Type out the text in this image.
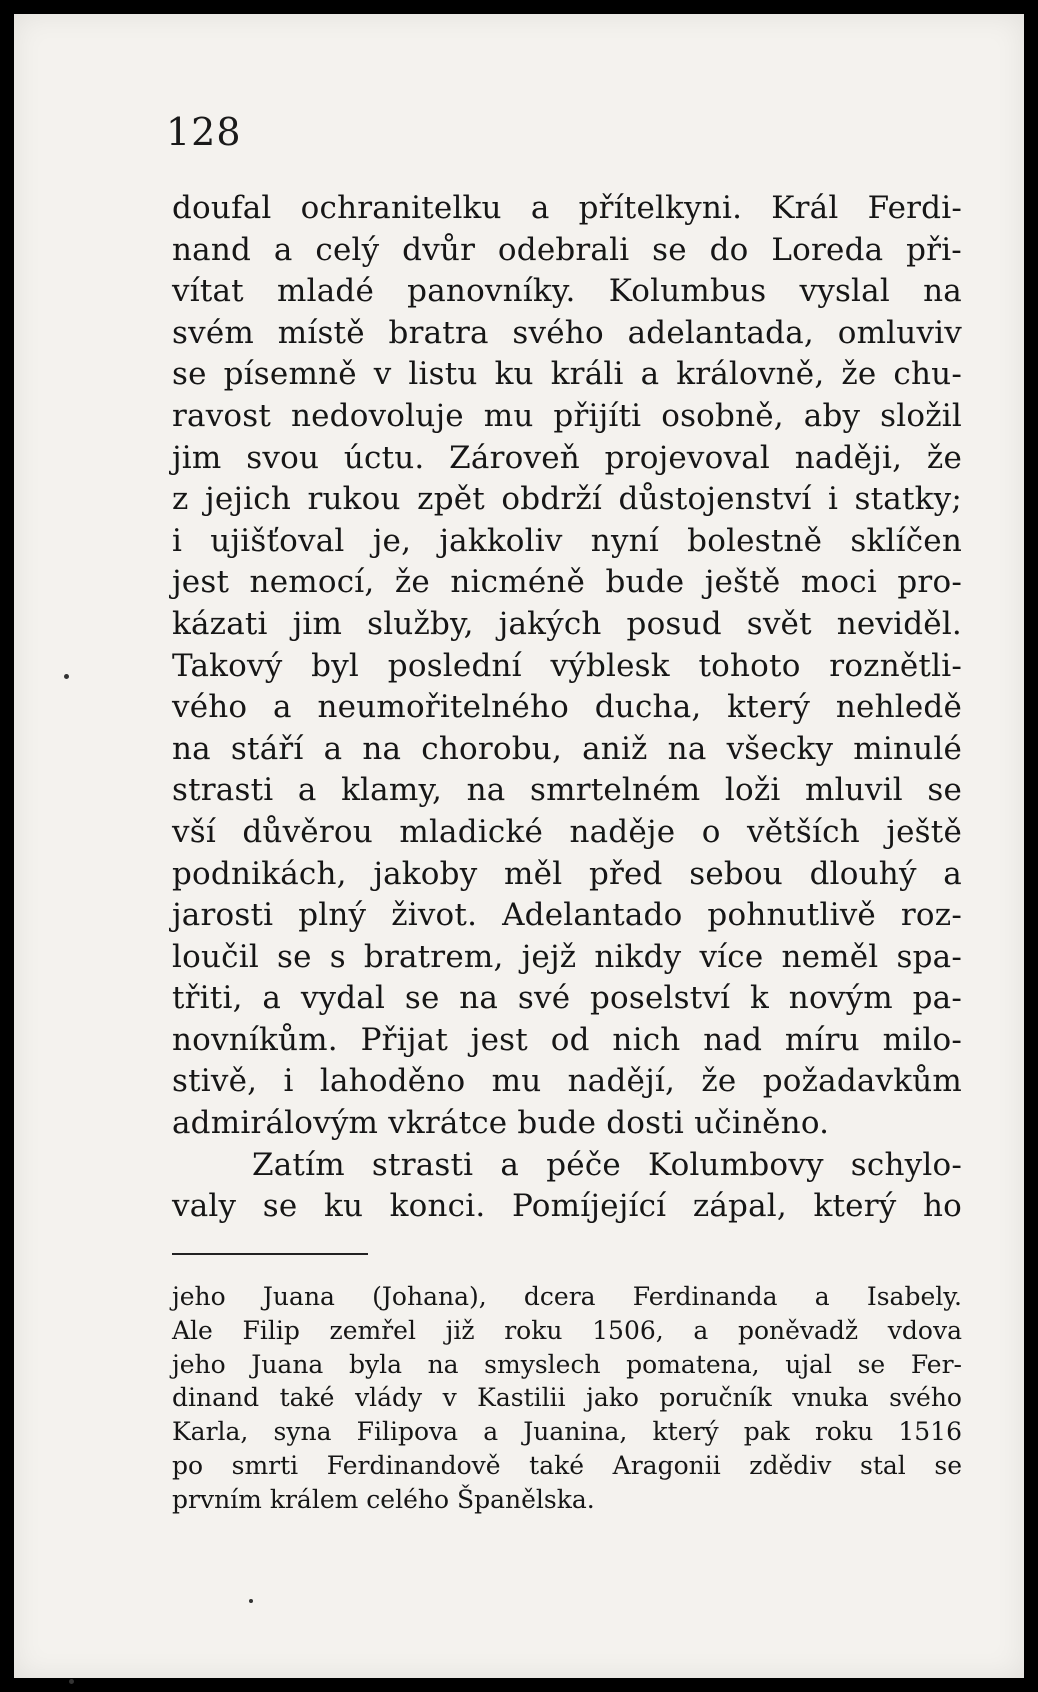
128
doufal ochranitelku a přítelkyni. Král Ferdi-
nand a celý dvůr odebrali se do Loreda při-
vítat mladé panovníky. Kolumbus vyslal na
svém místě bratra svého adelantada, omluviv
se písemně v listu ku králi a královně, že chu-
ravost nedovoluje mu přijíti osobně, aby složil
jim svou úctu. Zároveň projevoval naději, že
z jejich rukou zpět obdrží důstojenství i statky;
i ujišťoval je, jakkoliv nyní bolestně sklíčen
jest nemocí, že nicméně bude ještě moci pro-
kázati jim služby, jakých posud svět neviděl.
Takový byl poslední výblesk tohoto roznětli-
vého a neumořitelného ducha, který nehledě
na stáří a na chorobu, aniž na všecky minulé
strasti a klamy, na smrtelném loži mluvil se
vší důvěrou mladické naděje o větších ještě
podnikách, jakoby měl před sebou dlouhý a
jarosti plný život. Adelantado pohnutlivě roz-
loučil se s bratrem, jejž nikdy více neměl spa-
třiti, a vydal se na své poselství k novým pa-
novníkům. Přijat jest od nich nad míru milo-
stivě, i lahoděno mu nadějí, že požadavkům
admirálovým vkrátce bude dosti učiněno.
Zatím strasti a péče Kolumbovy schylo-
valy se ku konci. Pomíjející zápal, který ho
jeho Juana (Johana), dcera Ferdinanda a Isabely.
Ale Filip zemřel již roku 1506, a poněvadž vdova
jeho Juana byla na smyslech pomatena, ujal se Fer-
dinand také vlády v Kastilii jako poručník vnuka svého
Karla, syna Filipova a Juanina, který pak roku 1516
po smrti Ferdinandově také Aragonii zdědiv stal se
prvním králem celého Španělska.
